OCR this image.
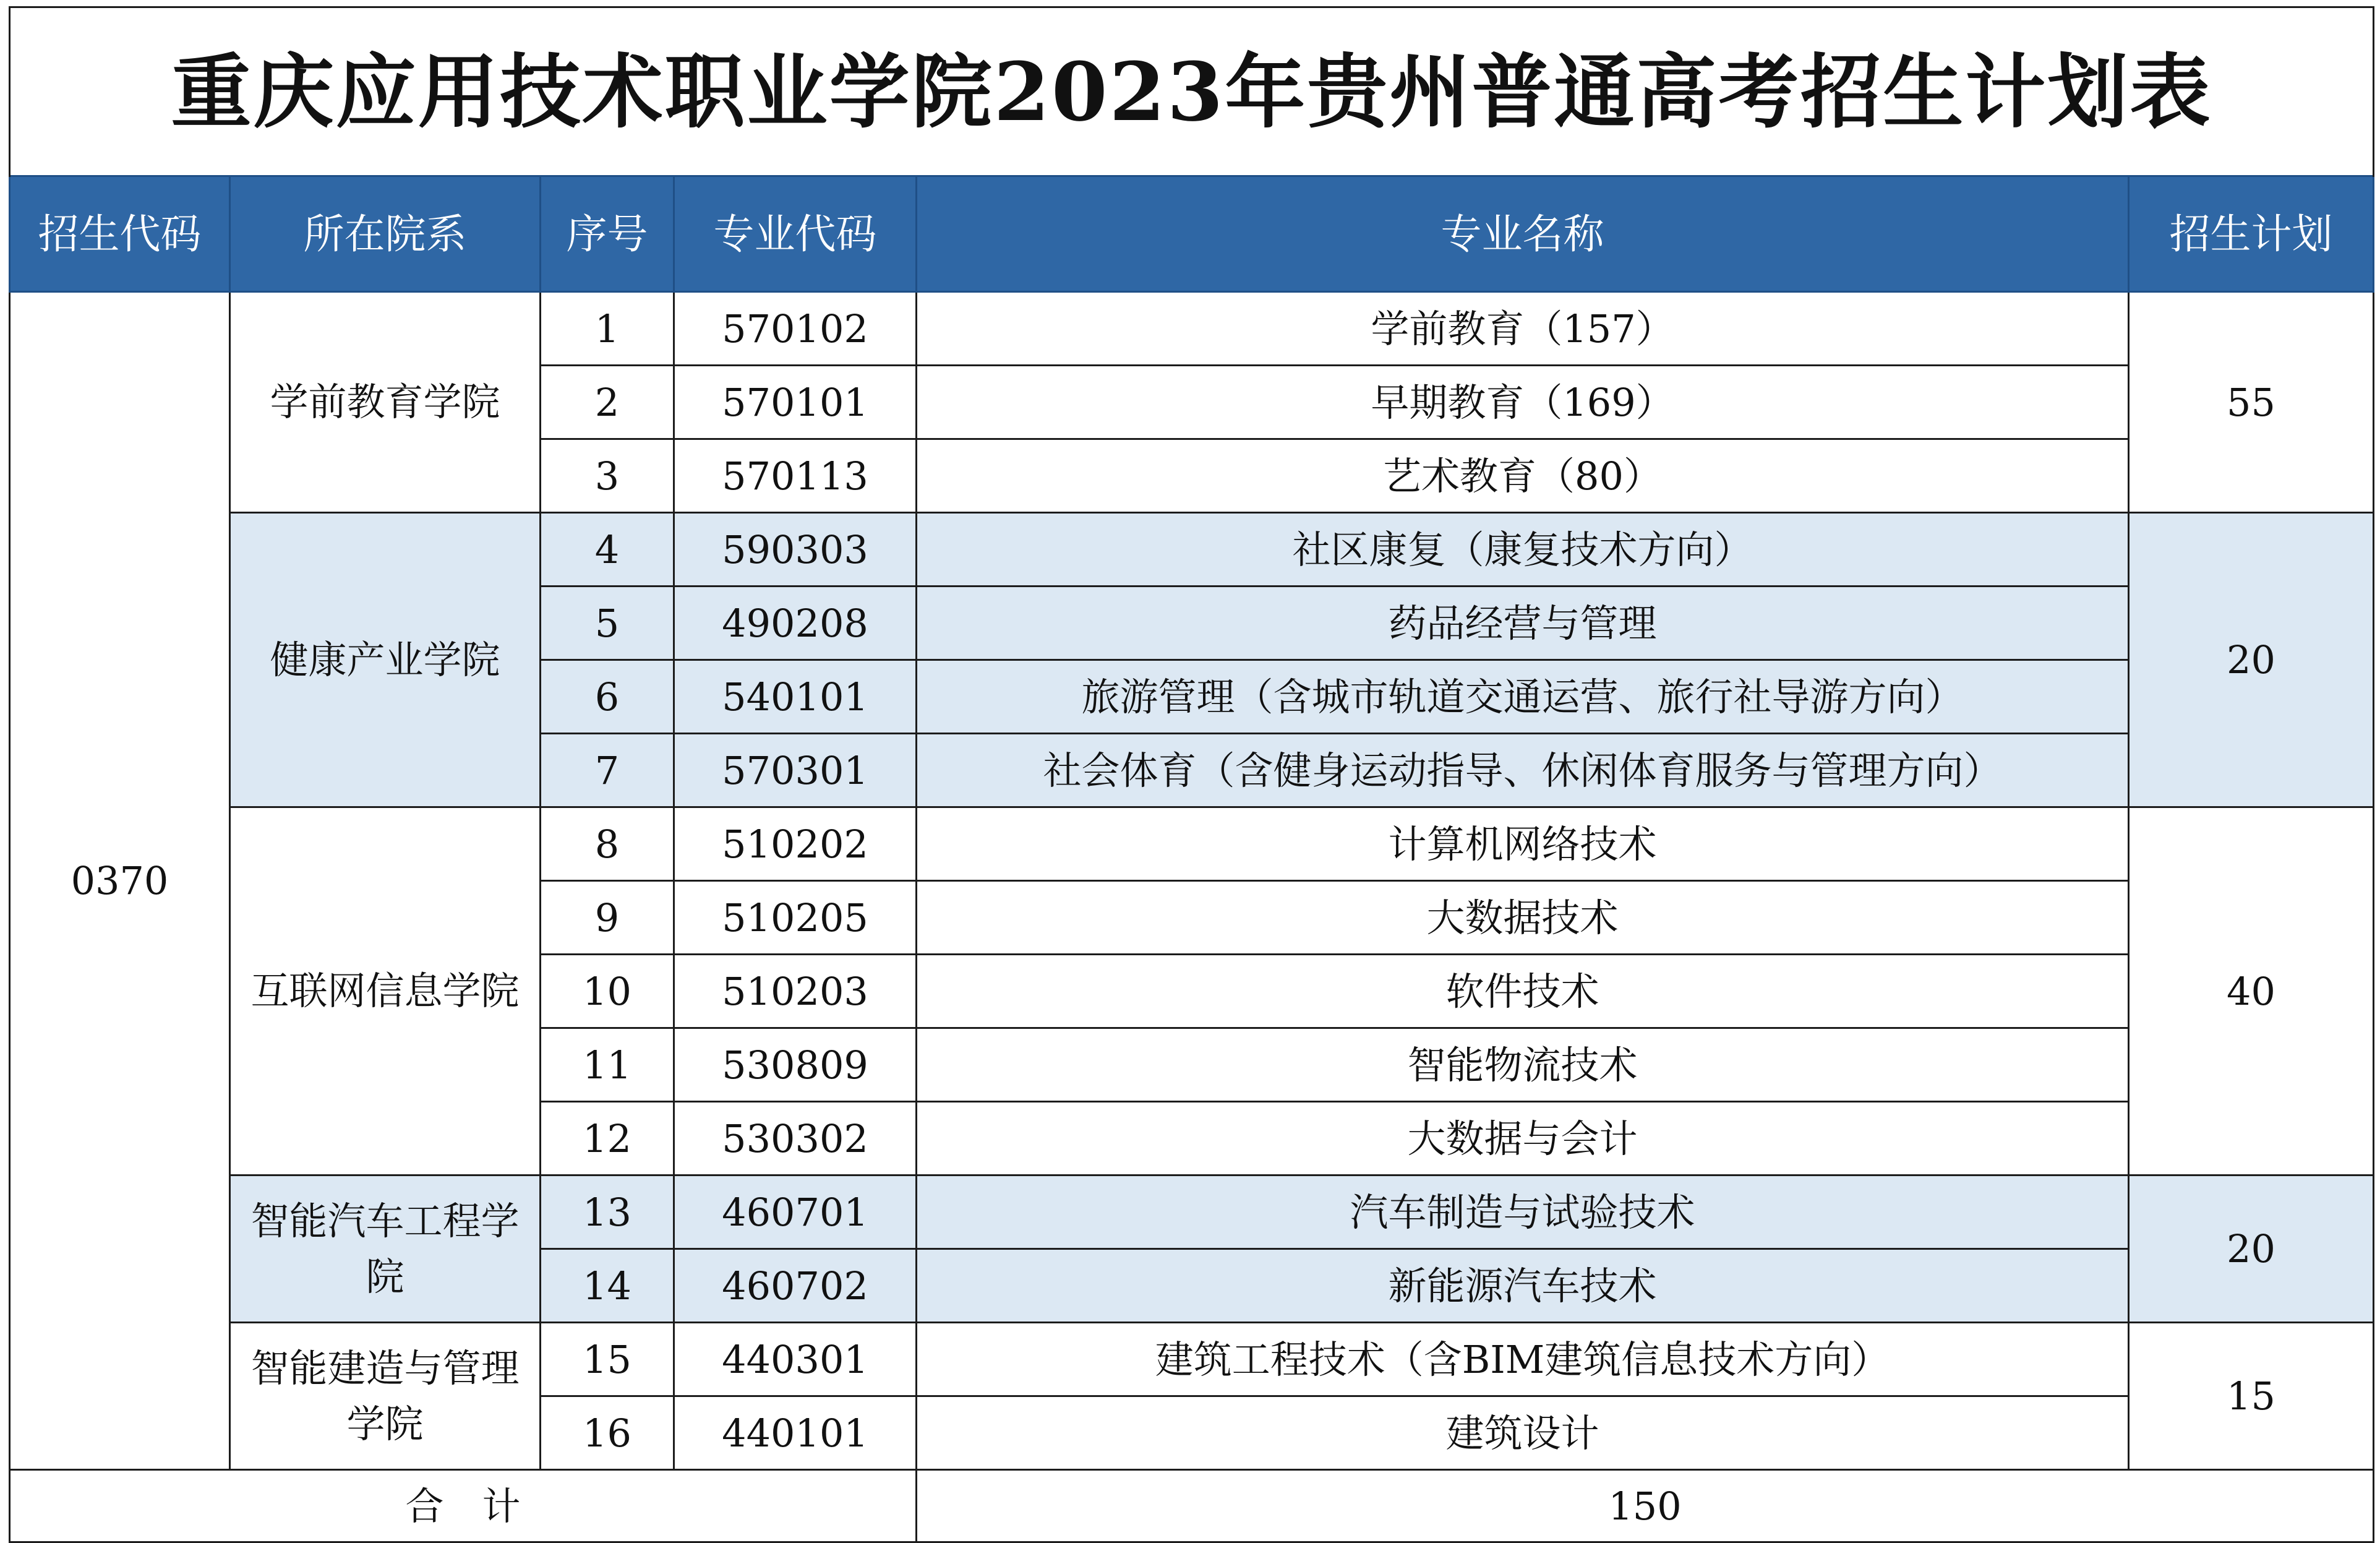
重庆应用技术职业学院2023年贵州普通高考招生计划表					
招生代码	所在院系	序号	专业代码	专业名称	招生计划
0370	学前教育学院	1	570102	学前教育（157）	55
		2	570101	早期教育（169）	
		3	570113	艺术教育（80）	
	健康产业学院	4	590303	社区康复（康复技术方向）	20
		5	490208	药品经营与管理	
		6	540101	旅游管理（含城市轨道交通运营、旅行社导游方向）	
		7	570301	社会体育（含健身运动指导、休闲体育服务与管理方向）	
	互联网信息学院	8	510202	计算机网络技术	40
		9	510205	大数据技术	
		10	510203	软件技术	
		11	530809	智能物流技术	
		12	530302	大数据与会计	
	智能汽车工程学院	13	460701	汽车制造与试验技术	20
		14	460702	新能源汽车技术	
	智能建造与管理学院	15	440301	建筑工程技术（含BIM建筑信息技术方向）	15
		16	440101	建筑设计	
合　计				150	
